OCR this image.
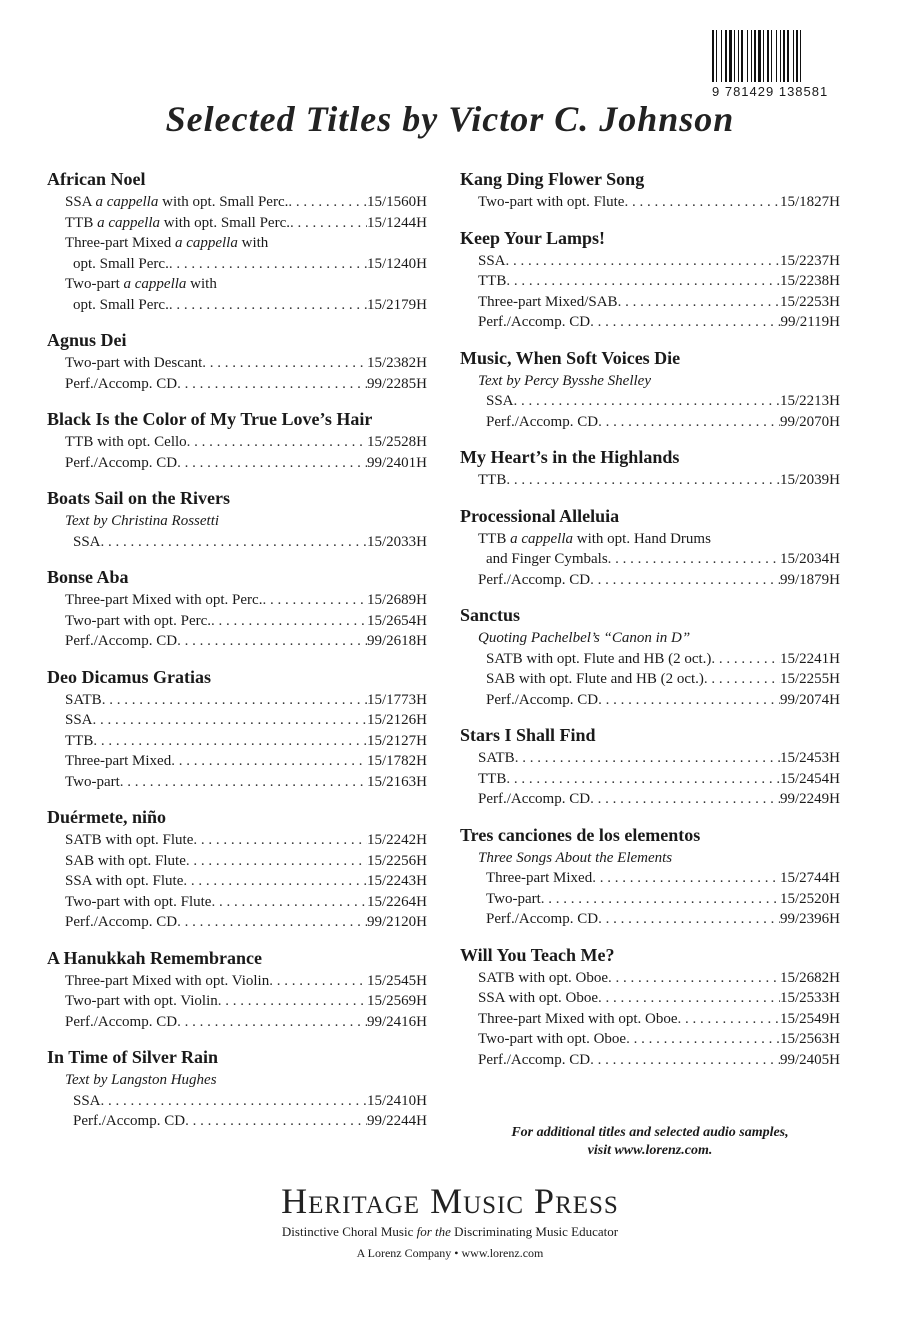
9 781429 138581
Selected Titles by Victor C. Johnson
African Noel
SSA a cappella with opt. Small Perc. . . .	15/1560H
TTB a cappella with opt. Small Perc. . . .	15/1244H
Three-part Mixed a cappella with
opt. Small Perc. . . .	15/1240H
Two-part a cappella with
opt. Small Perc. . . .	15/2179H
Agnus Dei
Two-part with Descant . . .	15/2382H
Perf./Accomp. CD . . .	99/2285H
Black Is the Color of My True Love’s Hair
TTB with opt. Cello . . .	15/2528H
Perf./Accomp. CD . . .	99/2401H
Boats Sail on the Rivers
Text by Christina Rossetti
SSA . . .	15/2033H
Bonse Aba
Three-part Mixed with opt. Perc. . . .	15/2689H
Two-part with opt. Perc. . . .	15/2654H
Perf./Accomp. CD . . .	99/2618H
Deo Dicamus Gratias
SATB . . .	15/1773H
SSA . . .	15/2126H
TTB . . .	15/2127H
Three-part Mixed . . .	15/1782H
Two-part . . .	15/2163H
Duérmete, niño
SATB with opt. Flute . . .	15/2242H
SAB with opt. Flute . . .	15/2256H
SSA with opt. Flute . . .	15/2243H
Two-part with opt. Flute . . .	15/2264H
Perf./Accomp. CD . . .	99/2120H
A Hanukkah Remembrance
Three-part Mixed with opt. Violin . . .	15/2545H
Two-part with opt. Violin . . .	15/2569H
Perf./Accomp. CD . . .	99/2416H
In Time of Silver Rain
Text by Langston Hughes
SSA . . .	15/2410H
Perf./Accomp. CD . . .	99/2244H
Kang Ding Flower Song
Two-part with opt. Flute . . .	15/1827H
Keep Your Lamps!
SSA . . .	15/2237H
TTB . . .	15/2238H
Three-part Mixed/SAB . . .	15/2253H
Perf./Accomp. CD . . .	99/2119H
Music, When Soft Voices Die
Text by Percy Bysshe Shelley
SSA . . .	15/2213H
Perf./Accomp. CD . . .	99/2070H
My Heart’s in the Highlands
TTB . . .	15/2039H
Processional Alleluia
TTB a cappella with opt. Hand Drums
and Finger Cymbals . . .	15/2034H
Perf./Accomp. CD . . .	99/1879H
Sanctus
Quoting Pachelbel’s “Canon in D”
SATB with opt. Flute and HB (2 oct.) . . .	15/2241H
SAB with opt. Flute and HB (2 oct.) . . .	15/2255H
Perf./Accomp. CD . . .	99/2074H
Stars I Shall Find
SATB . . .	15/2453H
TTB . . .	15/2454H
Perf./Accomp. CD . . .	99/2249H
Tres canciones de los elementos
Three Songs About the Elements
Three-part Mixed . . .	15/2744H
Two-part . . .	15/2520H
Perf./Accomp. CD . . .	99/2396H
Will You Teach Me?
SATB with opt. Oboe . . .	15/2682H
SSA with opt. Oboe . . .	15/2533H
Three-part Mixed with opt. Oboe . . .	15/2549H
Two-part with opt. Oboe . . .	15/2563H
Perf./Accomp. CD . . .	99/2405H
For additional titles and selected audio samples,
visit www.lorenz.com.
Heritage Music Press
Distinctive Choral Music for the Discriminating Music Educator
A Lorenz Company • www.lorenz.com
